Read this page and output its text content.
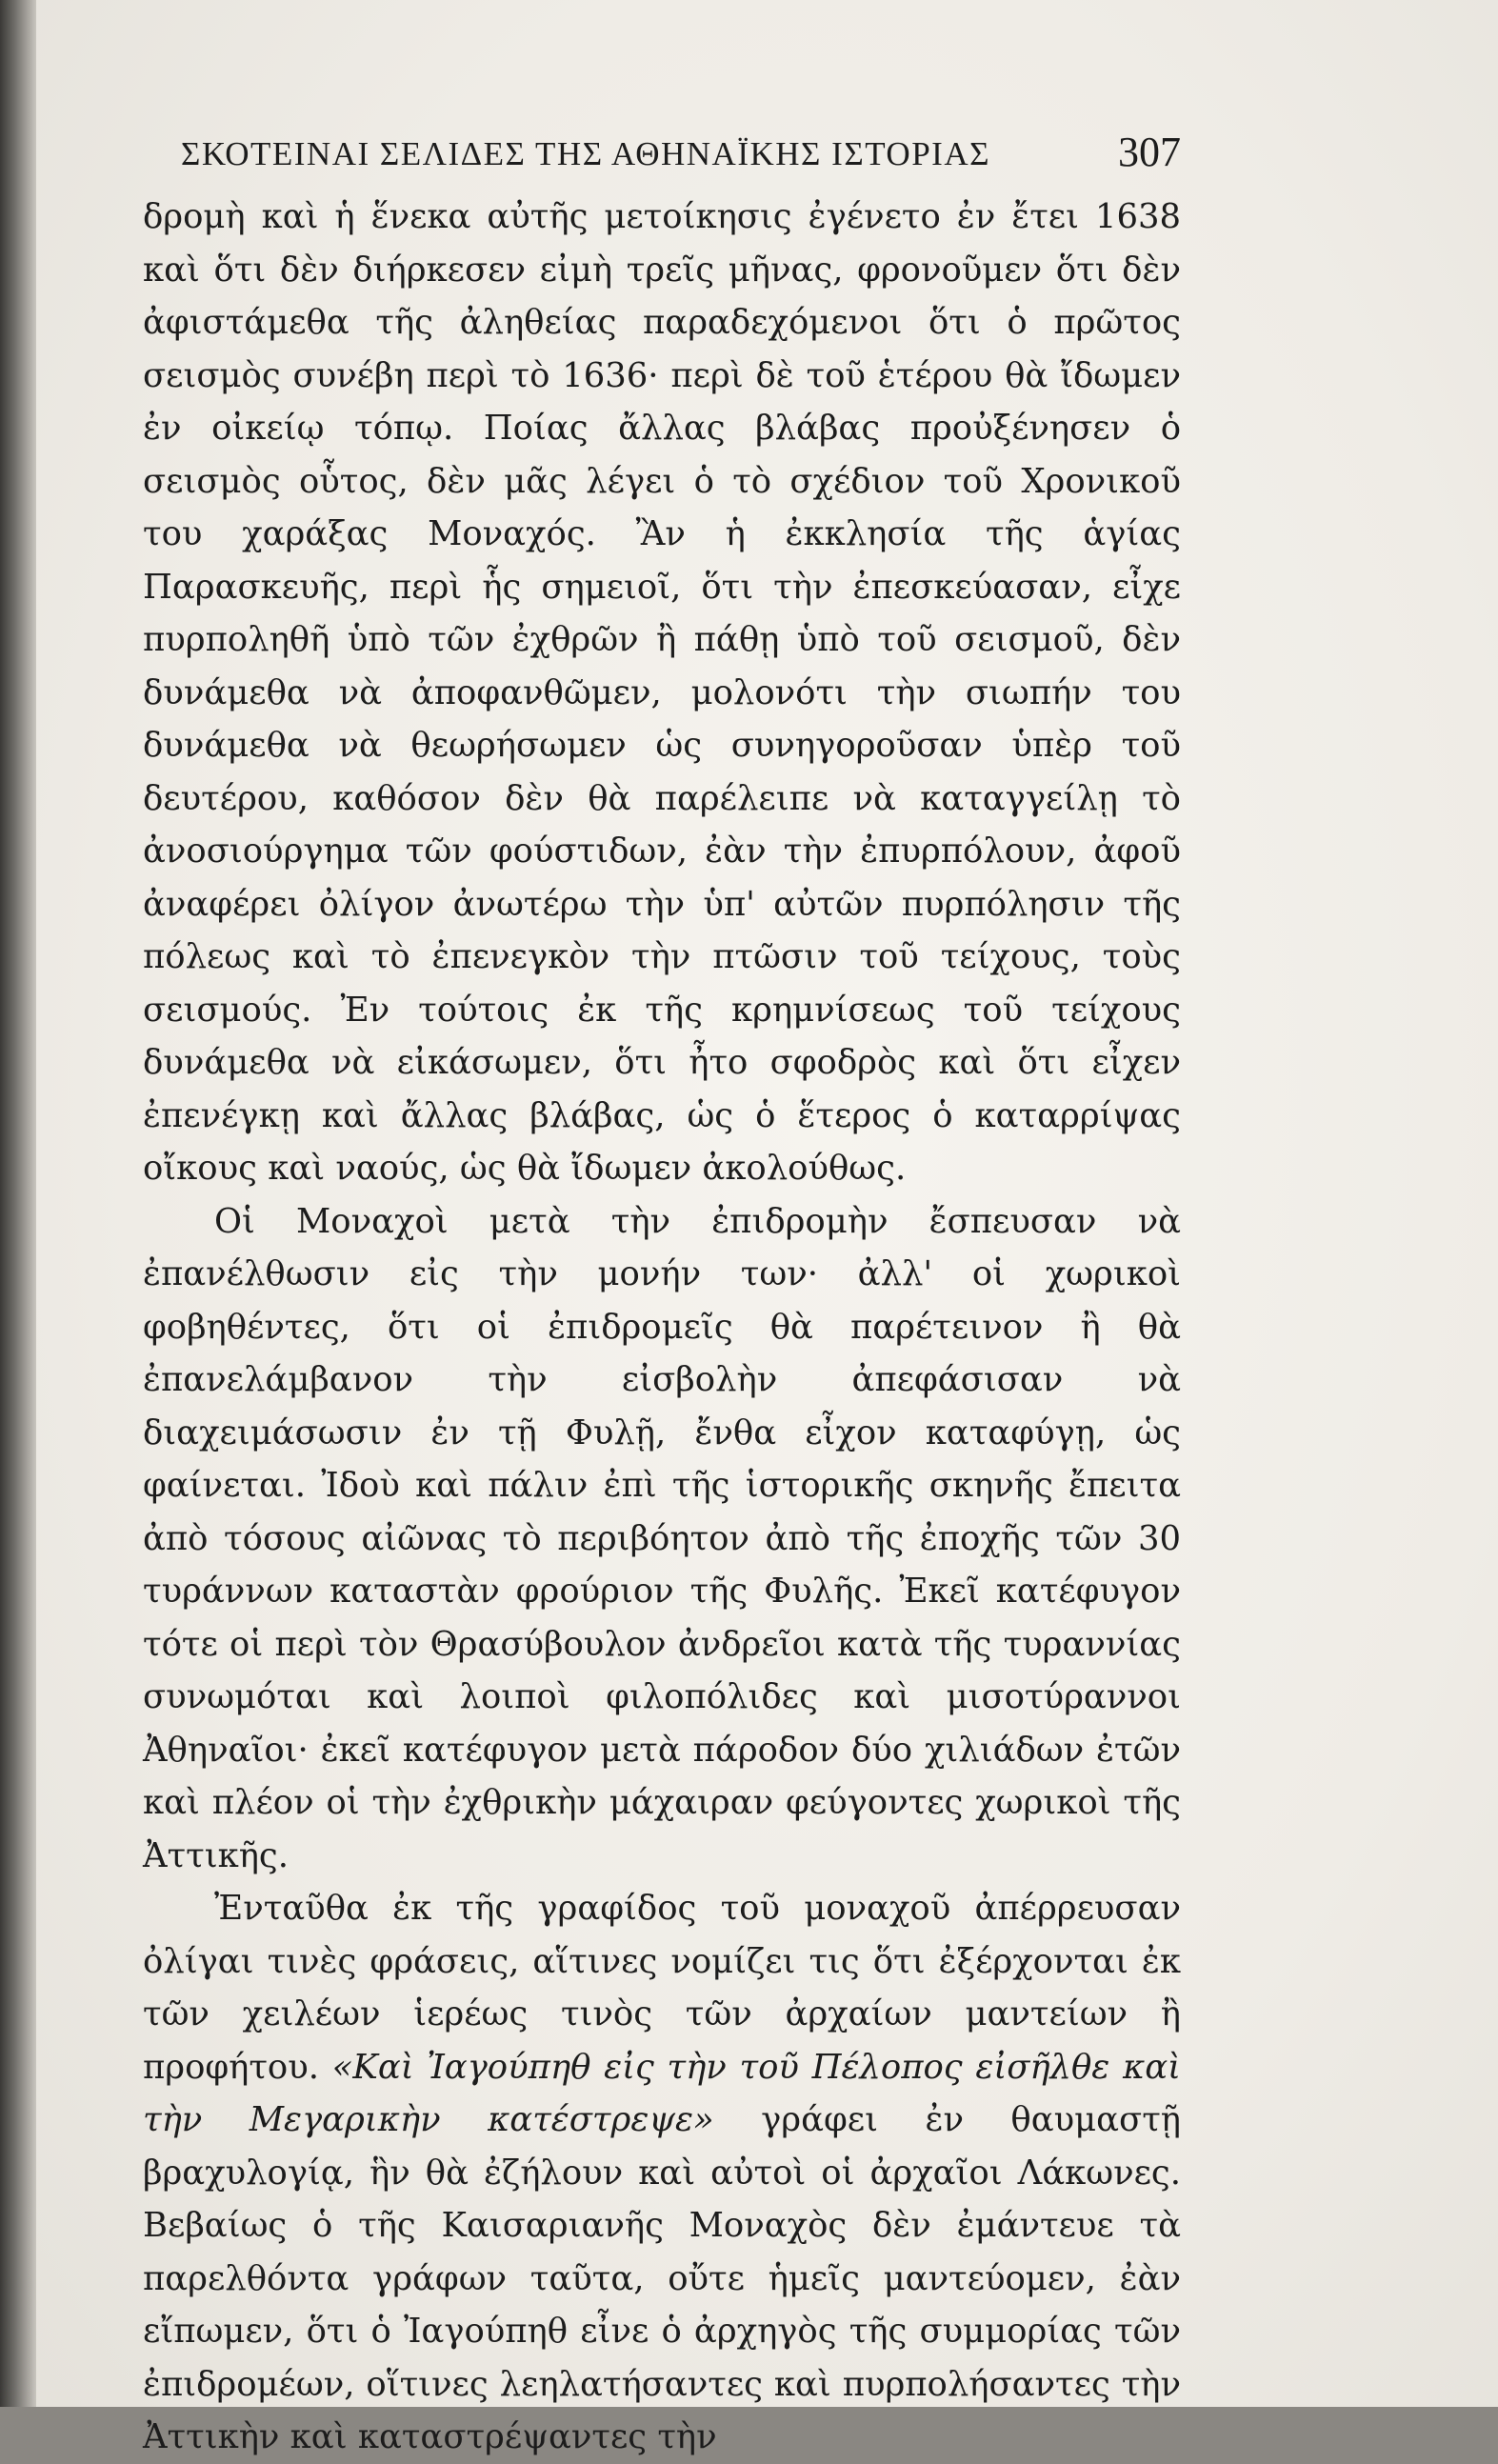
ΣΚΟΤΕΙΝΑΙ ΣΕΛΙΔΕΣ ΤΗΣ ΑΘΗΝΑΪΚΗΣ ΙΣΤΟΡΙΑΣ	307

δρομὴ καὶ ἡ ἕνεκα αὐτῆς μετοίκησις ἐγένετο ἐν ἔτει 1638 καὶ ὅτι δὲν διήρκεσεν εἰμὴ τρεῖς μῆνας, φρονοῦμεν ὅτι δὲν ἀφιστάμεθα τῆς ἀληθείας παραδεχόμενοι ὅτι ὁ πρῶτος σεισμὸς συνέβη περὶ τὸ 1636· περὶ δὲ τοῦ ἑτέρου θὰ ἴδωμεν ἐν οἰκείῳ τόπῳ. Ποίας ἄλλας βλάβας προὐξένησεν ὁ σεισμὸς οὗτος, δὲν μᾶς λέγει ὁ τὸ σχέδιον τοῦ Χρονικοῦ του χαράξας Μοναχός. Ἂν ἡ ἐκκλησία τῆς ἁγίας Παρασκευῆς, περὶ ἧς σημειοῖ, ὅτι τὴν ἐπεσκεύασαν, εἶχε πυρποληθῆ ὑπὸ τῶν ἐχθρῶν ἢ πάθῃ ὑπὸ τοῦ σεισμοῦ, δὲν δυνάμεθα νὰ ἀποφανθῶμεν, μολονότι τὴν σιωπήν του δυνάμεθα νὰ θεωρήσωμεν ὡς συνηγοροῦσαν ὑπὲρ τοῦ δευτέρου, καθόσον δὲν θὰ παρέλειπε νὰ καταγγείλῃ τὸ ἀνοσιούργημα τῶν φούστιδων, ἐὰν τὴν ἐπυρπόλουν, ἀφοῦ ἀναφέρει ὀλίγον ἀνωτέρω τὴν ὑπ' αὐτῶν πυρπόλησιν τῆς πόλεως καὶ τὸ ἐπενεγκὸν τὴν πτῶσιν τοῦ τείχους, τοὺς σεισμούς. Ἐν τούτοις ἐκ τῆς κρημνίσεως τοῦ τείχους δυνάμεθα νὰ εἰκάσωμεν, ὅτι ἦτο σφοδρὸς καὶ ὅτι εἶχεν ἐπενέγκῃ καὶ ἄλλας βλάβας, ὡς ὁ ἕτερος ὁ καταρρίψας οἴκους καὶ ναούς, ὡς θὰ ἴδωμεν ἀκολούθως.

Οἱ Μοναχοὶ μετὰ τὴν ἐπιδρομὴν ἔσπευσαν νὰ ἐπανέλθωσιν εἰς τὴν μονήν των· ἀλλ' οἱ χωρικοὶ φοβηθέντες, ὅτι οἱ ἐπιδρομεῖς θὰ παρέτεινον ἢ θὰ ἐπανελάμβανον τὴν εἰσβολὴν ἀπεφάσισαν νὰ διαχειμάσωσιν ἐν τῇ Φυλῇ, ἔνθα εἶχον καταφύγῃ, ὡς φαίνεται. Ἰδοὺ καὶ πάλιν ἐπὶ τῆς ἱστορικῆς σκηνῆς ἔπειτα ἀπὸ τόσους αἰῶνας τὸ περιβόητον ἀπὸ τῆς ἐποχῆς τῶν 30 τυράννων καταστὰν φρούριον τῆς Φυλῆς. Ἐκεῖ κατέφυγον τότε οἱ περὶ τὸν Θρασύβουλον ἀνδρεῖοι κατὰ τῆς τυραννίας συνωμόται καὶ λοιποὶ φιλοπόλιδες καὶ μισοτύραννοι Ἀθηναῖοι· ἐκεῖ κατέφυγον μετὰ πάροδον δύο χιλιάδων ἐτῶν καὶ πλέον οἱ τὴν ἐχθρικὴν μάχαιραν φεύγοντες χωρικοὶ τῆς Ἀττικῆς.

Ἐνταῦθα ἐκ τῆς γραφίδος τοῦ μοναχοῦ ἀπέρρευσαν ὀλίγαι τινὲς φράσεις, αἵτινες νομίζει τις ὅτι ἐξέρχονται ἐκ τῶν χειλέων ἱερέως τινὸς τῶν ἀρχαίων μαντείων ἢ προφήτου. «Καὶ Ἰαγούπηθ εἰς τὴν τοῦ Πέλοπος εἰσῆλθε καὶ τὴν Μεγαρικὴν κατέστρεψε» γράφει ἐν θαυμαστῇ βραχυλογίᾳ, ἣν θὰ ἐζήλουν καὶ αὐτοὶ οἱ ἀρχαῖοι Λάκωνες. Βεβαίως ὁ τῆς Καισαριανῆς Μοναχὸς δὲν ἐμάντευε τὰ παρελθόντα γράφων ταῦτα, οὔτε ἡμεῖς μαντεύομεν, ἐὰν εἴπωμεν, ὅτι ὁ Ἰαγούπηθ εἶνε ὁ ἀρχηγὸς τῆς συμμορίας τῶν ἐπιδρομέων, οἵτινες λεηλατήσαντες καὶ πυρπολήσαντες τὴν Ἀττικὴν καὶ καταστρέψαντες τὴν
